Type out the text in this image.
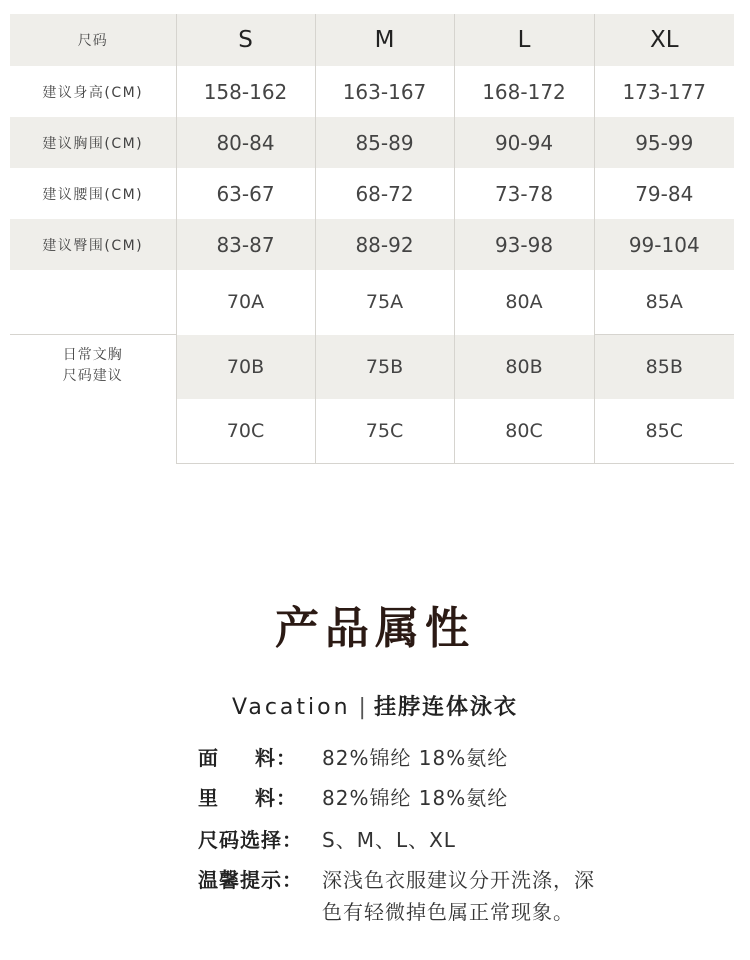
尺码	S	M	L	XL
建议身高(CM)	158-162	163-167	168-172	173-177
建议胸围(CM)	80-84	85-89	90-94	95-99
建议腰围(CM)	63-67	68-72	73-78	79-84
建议臀围(CM)	83-87	88-92	93-98	99-104
	70A	75A	80A	85A

日常文胸
尺码建议	70B	75B	80B	85B
	70C	75C	80C	85C
产品属性
Vacation | 挂脖连体泳衣
面 料：	82%锦纶 18%氨纶
里 料：	82%锦纶 18%氨纶
尺码选择： S、M、L、XL
温馨提示： 深浅色衣服建议分开洗涤，深色有轻微掉色属正常现象。
